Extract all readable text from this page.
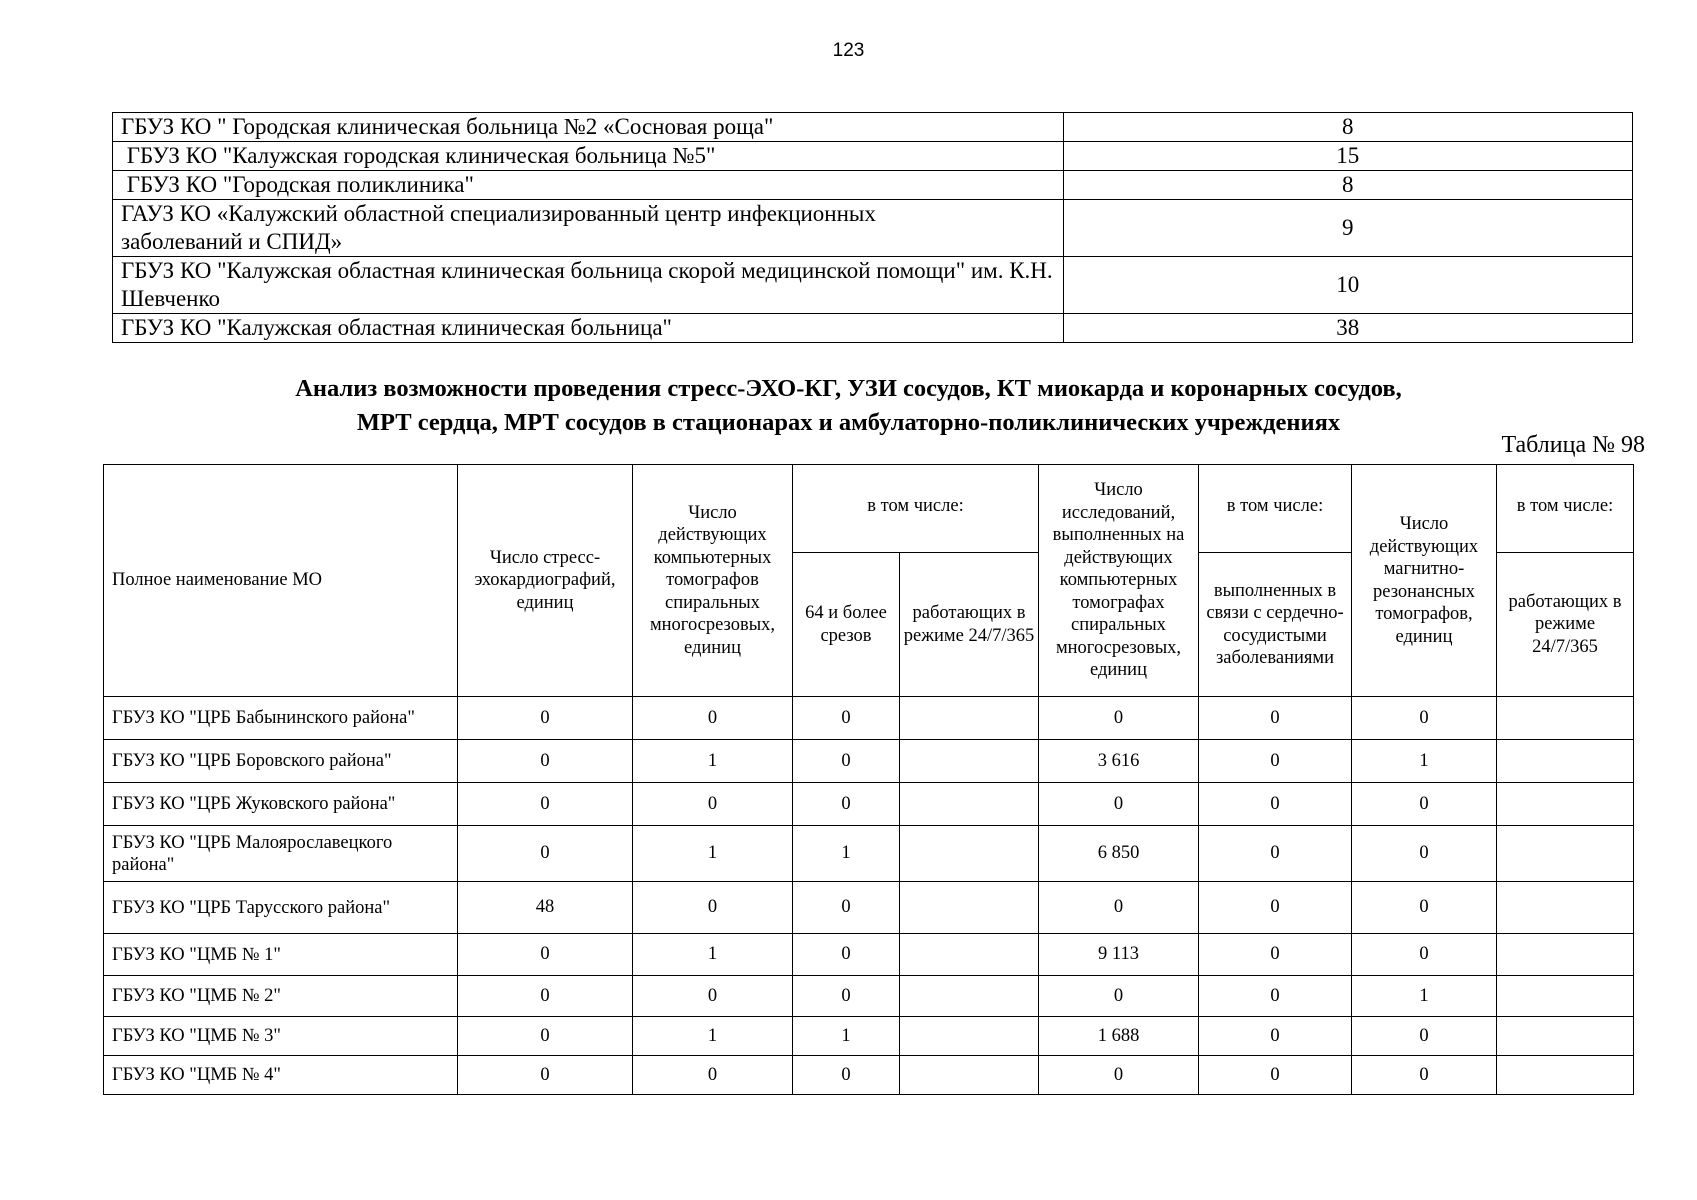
123
ГБУЗ КО " Городская клиническая больница №2 «Сосновая роща"	8
ГБУЗ КО "Калужская городская клиническая больница №5"	15
ГБУЗ КО "Городская поликлиника"	8
ГАУЗ КО «Калужский областной специализированный центр инфекционных заболеваний и СПИД»	9
ГБУЗ КО "Калужская областная клиническая больница скорой медицинской помощи" им. К.Н. Шевченко	10
ГБУЗ КО "Калужская областная клиническая больница"	38
Анализ возможности проведения стресс-ЭХО-КГ, УЗИ сосудов, КТ миокарда и коронарных сосудов,
МРТ сердца, МРТ сосудов в стационарах и амбулаторно-поликлинических учреждениях
Таблица № 98
Полное наименование МО	Число стресс-эхокардиографий, единиц	Число действующих компьютерных томографов спиральных многосрезовых, единиц	в том числе:		Число исследований, выполненных на действующих компьютерных томографах спиральных многосрезовых, единиц	в том числе:	Число действующих магнитно-резонансных томографов, единиц	в том числе:
			64 и более срезов	работающих в режиме 24/7/365		выполненных в связи с сердечно-сосудистыми заболеваниями		работающих в режиме 24/7/365
ГБУЗ КО "ЦРБ Бабынинского района"	0	0	0		0	0	0	
ГБУЗ КО "ЦРБ Боровского района"	0	1	0		3 616	0	1	
ГБУЗ КО "ЦРБ Жуковского района"	0	0	0		0	0	0	
ГБУЗ КО "ЦРБ Малоярославецкого района"	0	1	1		6 850	0	0	
ГБУЗ КО "ЦРБ Тарусского района"	48	0	0		0	0	0	
ГБУЗ КО "ЦМБ № 1"	0	1	0		9 113	0	0	
ГБУЗ КО "ЦМБ № 2"	0	0	0		0	0	1	
ГБУЗ КО "ЦМБ № 3"	0	1	1		1 688	0	0	
ГБУЗ КО "ЦМБ № 4"	0	0	0		0	0	0	
